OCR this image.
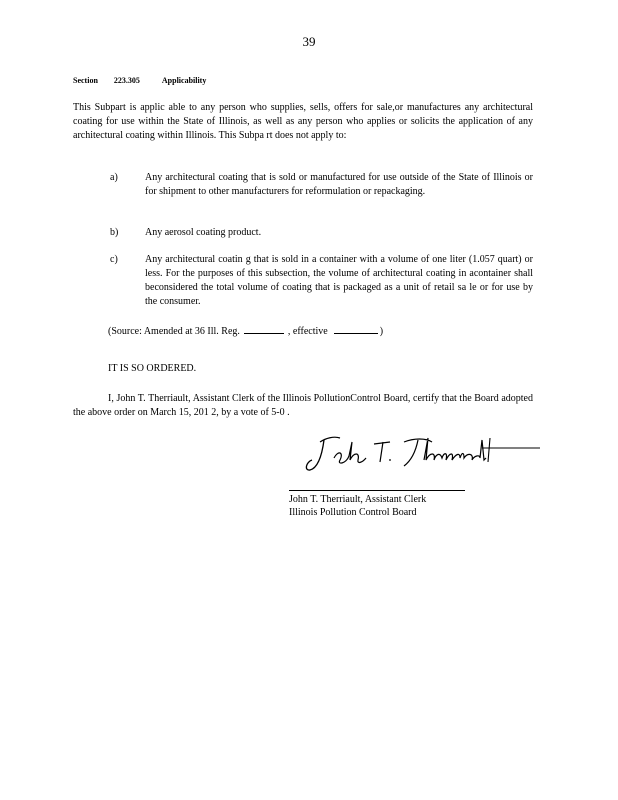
39
Section 223.305	Applicability
This Subpart is applic able to any person who supplies, sells, offers for sale,or manufactures any architectural coating for use within the State of Illinois, as well as any person who applies or solicits the application of any architectural coating within Illinois. This Subpa rt does not apply to:
a)	Any architectural coating that is sold or manufactured for use outside of the State of Illinois or for shipment to other manufacturers for reformulation or repackaging.
b)	Any aerosol coating product.
c)	Any architectural coatin g that is sold in a container with a volume of one liter (1.057 quart) or less. For the purposes of this subsection, the volume of architectural coating in acontainer shall beconsidered the total volume of coating that is packaged as a unit of retail sa le or for use by the consumer.
(Source: Amended at 36 Ill. Reg.	, effective	)
IT IS SO ORDERED.
I, John T. Therriault, Assistant Clerk of the Illinois PollutionControl Board, certify that the Board adopted the above order on March 15, 201 2, by a vote of 5-0 .
John T. Therriault, Assistant Clerk
Illinois Pollution Control Board
